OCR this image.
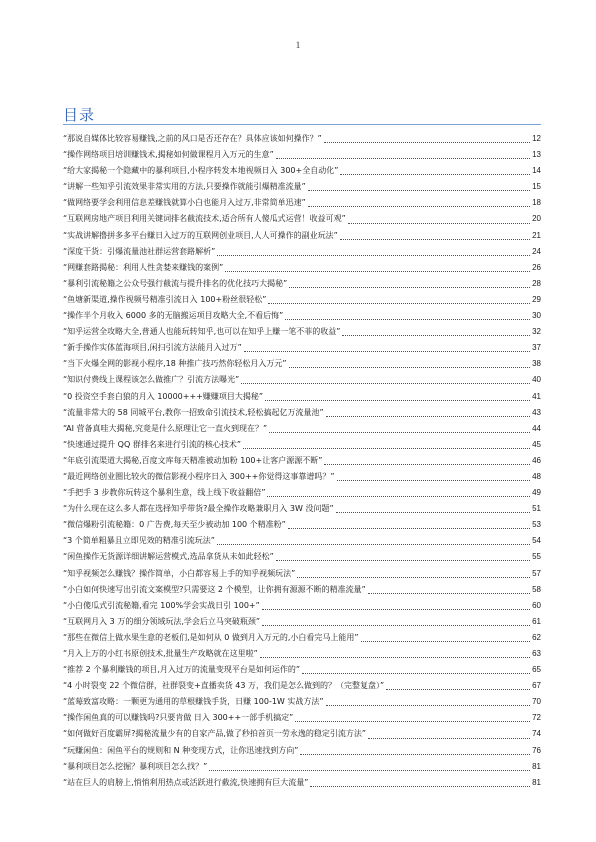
1
目录
“那说自媒体比较容易赚钱,之前的风口是否还存在？具体应该如何操作？”	12
“操作网络项目培训赚钱术,揭秘如何做课程月入万元的生意”	13
“给大家揭秘一个隐藏中的暴利项目,小程序转发本地视频日入 300+全自动化”	14
“讲解一些知乎引流效果非常实用的方法,只要操作就能引爆精准流量”	15
“做网络要学会利用信息差赚钱就算小白也能月入过万,非常简单迅速”	18
“互联网房地产项目利用关键词排名截流技术,适合所有人傻瓜式运营！收益可观”	20
“实战讲解撸拼多多平台赚日入过万的互联网创业项目,人人可操作的副业玩法”	21
“深度干货：引爆流量池社群运营套路解析”	24
“网赚套路揭秘：利用人性贪婪来赚钱的案例”	26
“暴利引流秘籍之公众号强行截流与提升排名的优化技巧大揭秘”	28
“鱼塘新渠道,操作视频号精准引流日入 100+粉丝很轻松”	29
“操作半个月收入 6000 多的无脑搬运项目攻略大全,不看后悔”	30
“知乎运营全攻略大全,普通人也能玩转知乎,也可以在知乎上赚一笔不菲的收益”	32
“新手操作实体蓝海项目,闲扫引流方法能月入过万”	37
“当下火爆全网的影视小程序,18 种推广技巧然你轻松月入万元”	38
“知识付费线上课程该怎么做推广？引流方法曝光”	40
“0 投资空手套白狼的月入 10000+++赚赚项目大揭秘”	41
“流量非常大的 58 同城平台,教你一招致命引流技术,轻松搞起亿万流量池”	43
“AI 营备真哇大揭秘,究竟是什么原理让它一直火到现在？”	44
“快速通过提升 QQ 群排名来进行引流的核心技术”	45
“年底引流渠道大揭秘,百度文库每天精准被动加粉 100+让客户源源不断”	46
“最近网络创业圈比较火的微信影视小程序日入 300++你觉得这事靠谱吗？”	48
“手把手 3 步教你玩转这个暴利生意，线上线下收益翻倍”	49
“为什么现在这么多人都在选择知乎带货?最全操作攻略兼职月入 3W 没问题”	51
“微信爆粉引流秘籍：0 广告费,每天至少被动加 100 个精准粉”	53
“3 个简单粗暴且立即见效的精准引流玩法”	54
“闲鱼操作无货源详细讲解运营模式,选品拿货从未如此轻松”	55
“知乎视频怎么赚钱？操作简单，小白都容易上手的知乎视频玩法”	57
“小白如何快速写出引流文案模型?只需要这 2 个模型，让你拥有源源不断的精准流量”	58
“小白傻瓜式引流秘籍,看完 100%学会实战日引 100+”	60
“互联网月入 3 万的细分领域玩法,学会后立马突破瓶颈”	61
“那些在微信上做水果生意的老板们,是如何从 0 做到月入万元的,小白看完马上能用”	62
“月入上万的小红书原创技术,批量生产攻略就在这里啦”	63
“推荐 2 个暴利赚钱的项目,月入过万的流量变现平台是如何运作的”	65
“4 小时裂变 22 个微信群，社群裂变+直播卖货 43 万，我们是怎么做到的？（完整复盘）”	67
“蓝莓致富攻略：一颗更为通用的草根赚钱手货，日赚 100-1W 实战方法”	70
“操作闲鱼真的可以赚钱吗?只要肯做 日入 300++一部手机搞定”	72
“如何做好百度霸屏?揭秘流量少有的自家产品,做了秒拍首页一劳永逸的稳定引流方法”	74
“玩赚闲鱼：闲鱼平台的规则和 N 种变现方式，让你迅速找到方向”	76
“暴利项目怎么挖掘？暴利项目怎么找？”	81
“站在巨人的肩膀上,悄悄利用热点或活跃进行截流,快速拥有巨大流量”	81
